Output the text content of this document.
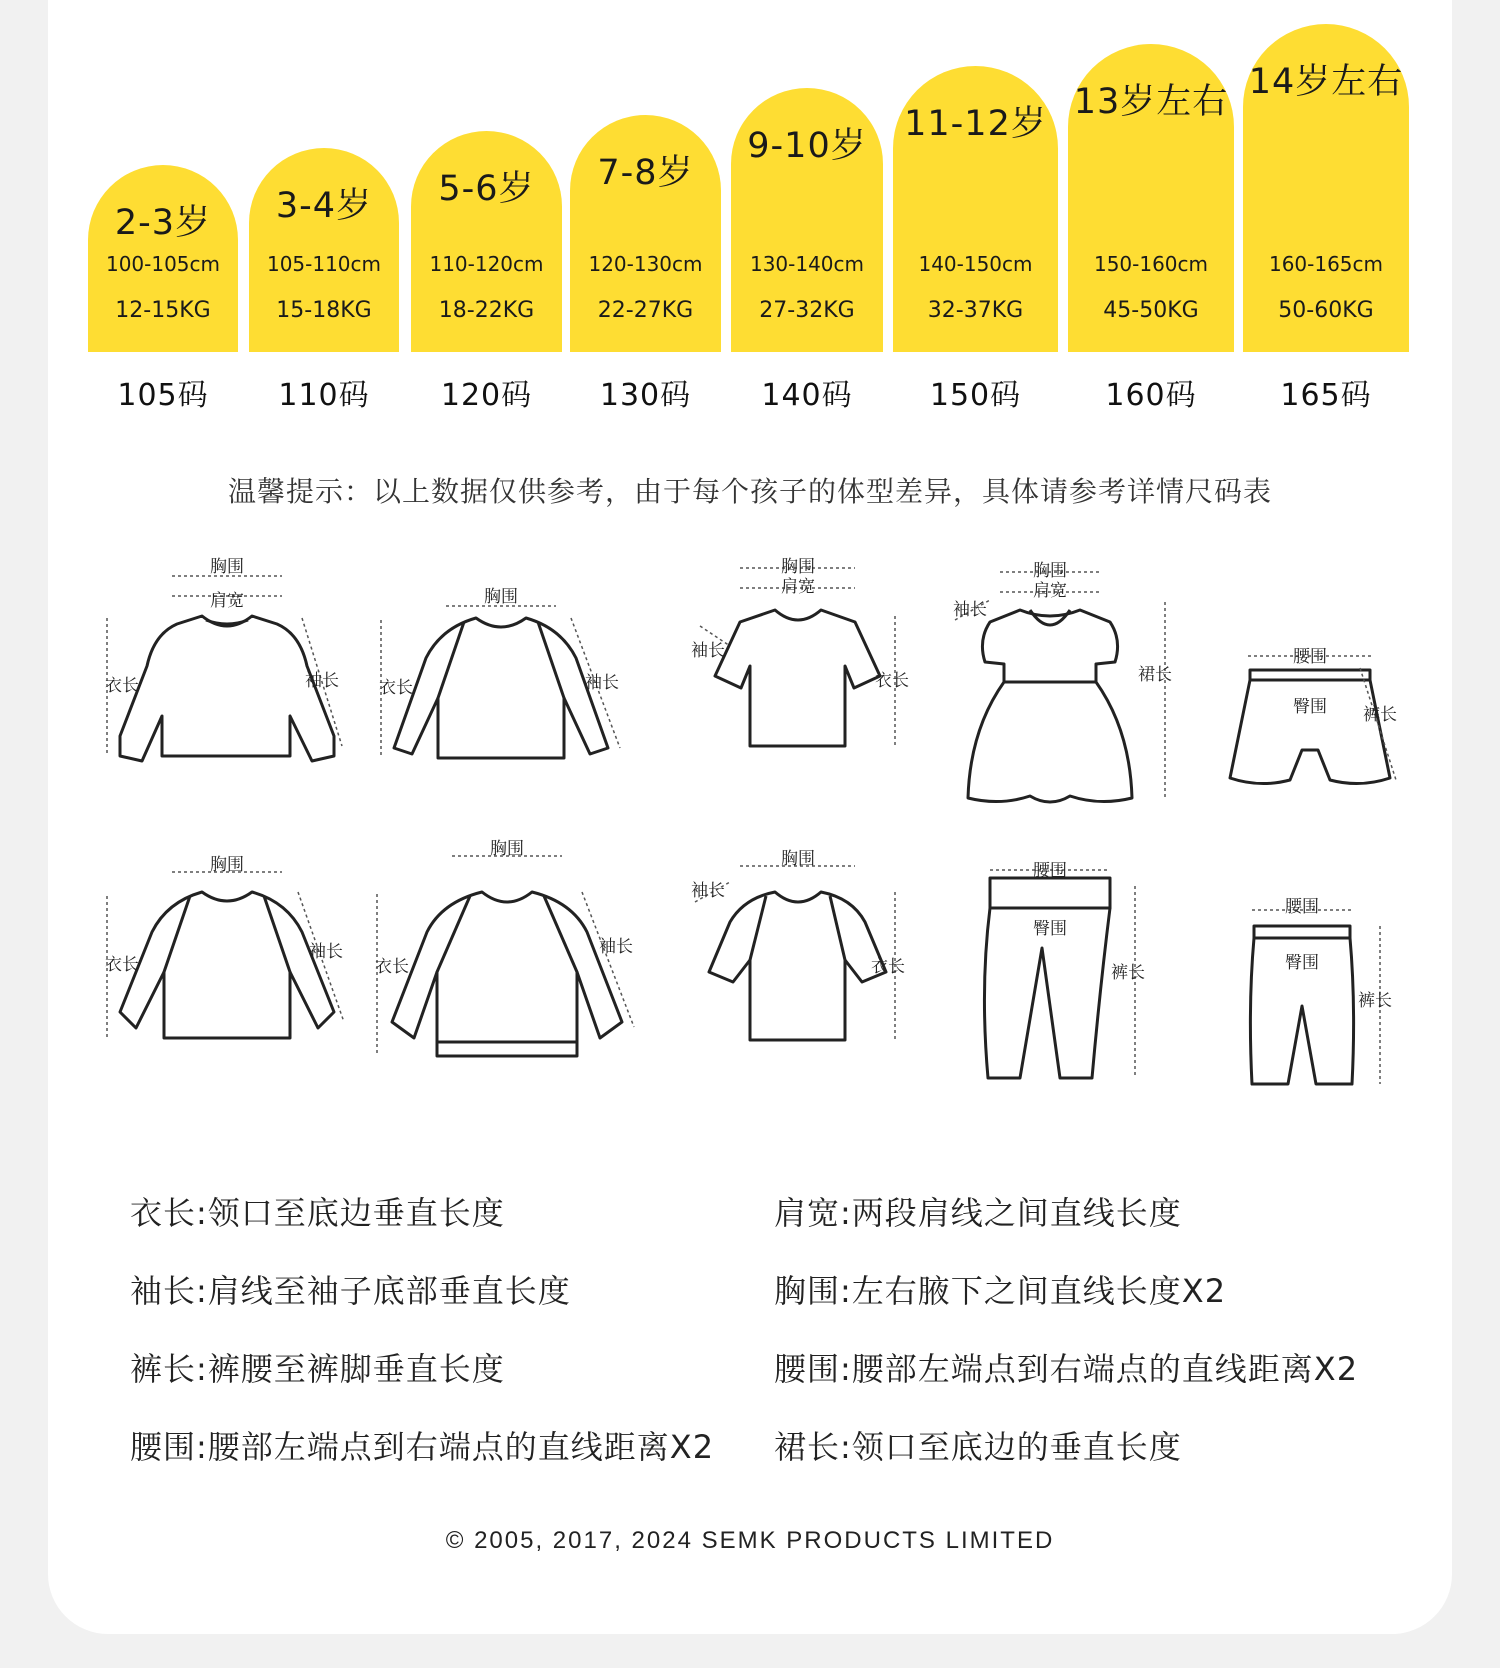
2-3岁
100-105cm
12-15KG
105码
3-4岁
105-110cm
15-18KG
110码
5-6岁
110-120cm
18-22KG
120码
7-8岁
120-130cm
22-27KG
130码
9-10岁
130-140cm
27-32KG
140码
11-12岁
140-150cm
32-37KG
150码
13岁左右
150-160cm
45-50KG
160码
14岁左右
160-165cm
50-60KG
165码
温馨提示：以上数据仅供参考，由于每个孩子的体型差异，具体请参考详情尺码表
胸围
肩宽
衣长	袖长
胸围
衣长	袖长
胸围
肩宽
袖长
衣长
胸围
肩宽
袖长
裙长
腰围
臀围 裤长
胸围
衣长
袖长
胸围
衣长
袖长
胸围
袖长
衣长
腰围
臀围
裤长
腰围
臀围
裤长
衣长:领口至底边垂直长度
袖长:肩线至袖子底部垂直长度
裤长:裤腰至裤脚垂直长度
腰围:腰部左端点到右端点的直线距离X2
肩宽:两段肩线之间直线长度
胸围:左右腋下之间直线长度X2
腰围:腰部左端点到右端点的直线距离X2
裙长:领口至底边的垂直长度
© 2005, 2017, 2024 SEMK PRODUCTS LIMITED
